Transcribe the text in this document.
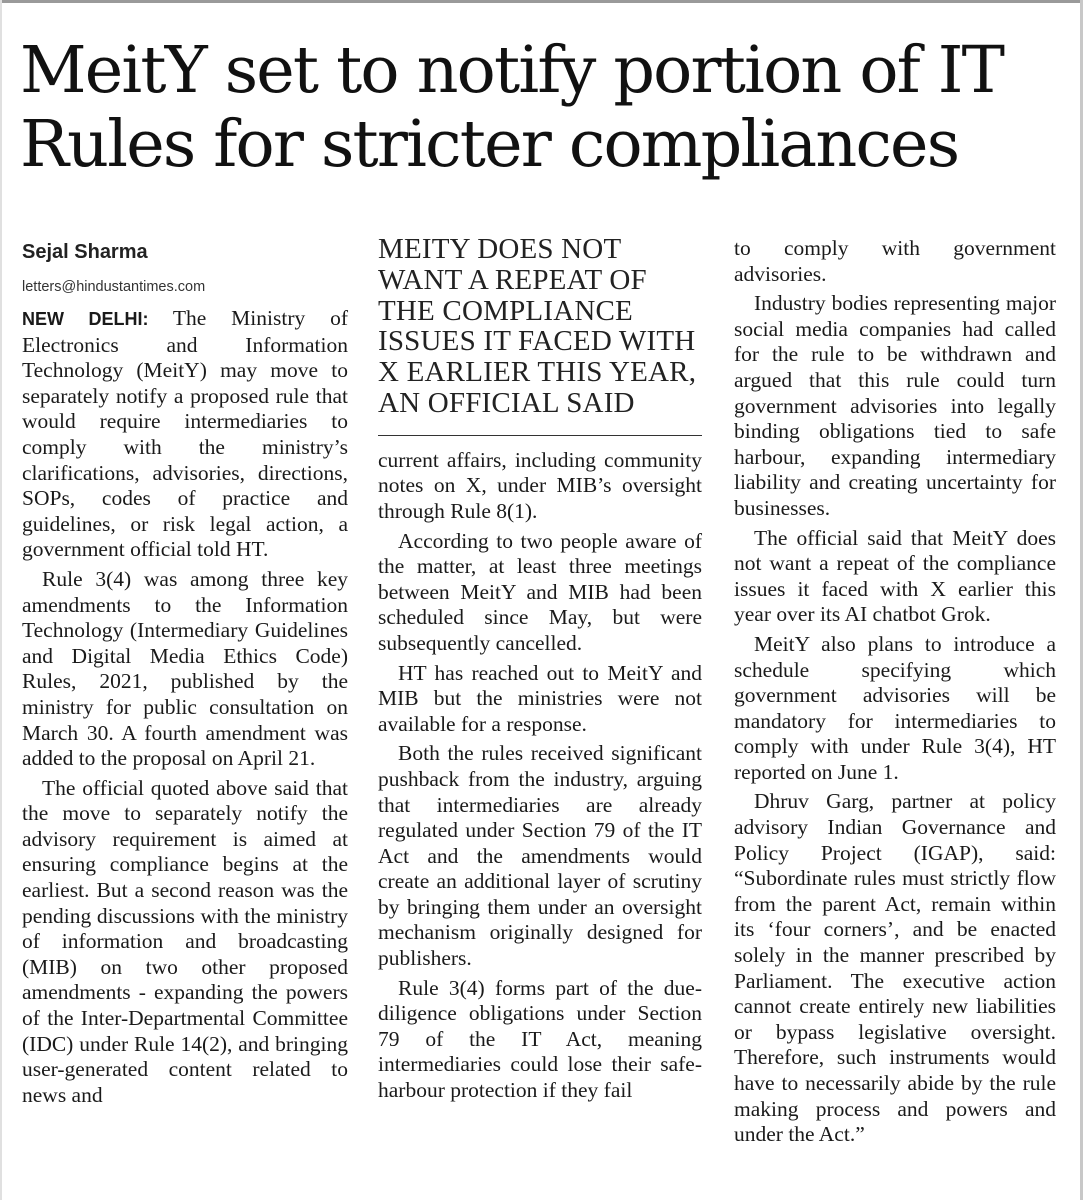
MeitY set to notify portion of IT
Rules for stricter compliances
Sejal Sharma
letters@hindustantimes.com

NEW DELHI: The Ministry of Electronics and Information Technology (MeitY) may move to separately notify a proposed rule that would require intermediaries to comply with the ministry’s clarifications, advisories, directions, SOPs, codes of practice and guidelines, or risk legal action, a government official told HT.

Rule 3(4) was among three key amendments to the Information Technology (Intermediary Guidelines and Digital Media Ethics Code) Rules, 2021, published by the ministry for public consultation on March 30. A fourth amendment was added to the proposal on April 21.

The official quoted above said that the move to separately notify the advisory requirement is aimed at ensuring compliance begins at the earliest. But a second reason was the pending discussions with the ministry of information and broadcasting (MIB) on two other proposed amendments - expanding the powers of the Inter-Departmental Committee (IDC) under Rule 14(2), and bringing user-generated content related to news and

MEITY DOES NOT WANT A REPEAT OF THE COMPLIANCE ISSUES IT FACED WITH X EARLIER THIS YEAR, AN OFFICIAL SAID

current affairs, including community notes on X, under MIB’s oversight through Rule 8(1).

According to two people aware of the matter, at least three meetings between MeitY and MIB had been scheduled since May, but were subsequently cancelled.

HT has reached out to MeitY and MIB but the ministries were not available for a response.

Both the rules received significant pushback from the industry, arguing that intermediaries are already regulated under Section 79 of the IT Act and the amendments would create an additional layer of scrutiny by bringing them under an oversight mechanism originally designed for publishers.

Rule 3(4) forms part of the due-diligence obligations under Section 79 of the IT Act, meaning intermediaries could lose their safe-harbour protection if they fail

to comply with government advisories.

Industry bodies representing major social media companies had called for the rule to be withdrawn and argued that this rule could turn government advisories into legally binding obligations tied to safe harbour, expanding intermediary liability and creating uncertainty for businesses.

The official said that MeitY does not want a repeat of the compliance issues it faced with X earlier this year over its AI chatbot Grok.

MeitY also plans to introduce a schedule specifying which government advisories will be mandatory for intermediaries to comply with under Rule 3(4), HT reported on June 1.

Dhruv Garg, partner at policy advisory Indian Governance and Policy Project (IGAP), said: “Subordinate rules must strictly flow from the parent Act, remain within its ‘four corners’, and be enacted solely in the manner prescribed by Parliament. The executive action cannot create entirely new liabilities or bypass legislative oversight. Therefore, such instruments would have to necessarily abide by the rule making process and powers and under the Act.”
